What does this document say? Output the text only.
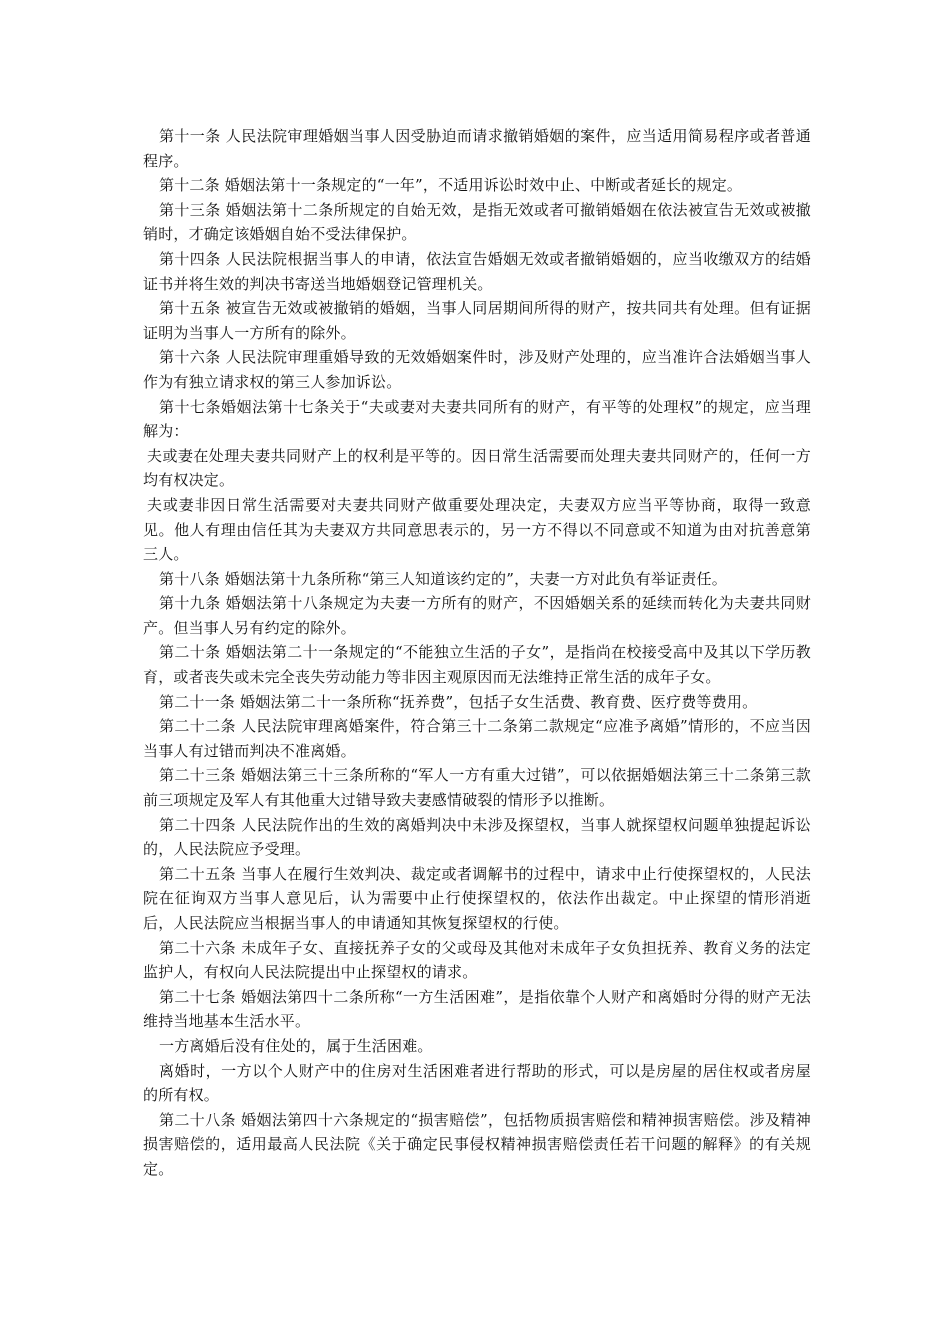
第十一条 人民法院审理婚姻当事人因受胁迫而请求撤销婚姻的案件，应当适用简易程序或者普通程序。

第十二条 婚姻法第十一条规定的“一年”，不适用诉讼时效中止、中断或者延长的规定。

第十三条 婚姻法第十二条所规定的自始无效，是指无效或者可撤销婚姻在依法被宣告无效或被撤销时，才确定该婚姻自始不受法律保护。

第十四条 人民法院根据当事人的申请，依法宣告婚姻无效或者撤销婚姻的，应当收缴双方的结婚证书并将生效的判决书寄送当地婚姻登记管理机关。

第十五条 被宣告无效或被撤销的婚姻，当事人同居期间所得的财产，按共同共有处理。但有证据证明为当事人一方所有的除外。

第十六条 人民法院审理重婚导致的无效婚姻案件时，涉及财产处理的，应当准许合法婚姻当事人作为有独立请求权的第三人参加诉讼。

第十七条婚姻法第十七条关于“夫或妻对夫妻共同所有的财产，有平等的处理权”的规定，应当理解为：

夫或妻在处理夫妻共同财产上的权利是平等的。因日常生活需要而处理夫妻共同财产的，任何一方均有权决定。

夫或妻非因日常生活需要对夫妻共同财产做重要处理决定，夫妻双方应当平等协商，取得一致意见。他人有理由信任其为夫妻双方共同意思表示的，另一方不得以不同意或不知道为由对抗善意第三人。

第十八条 婚姻法第十九条所称“第三人知道该约定的”，夫妻一方对此负有举证责任。

第十九条 婚姻法第十八条规定为夫妻一方所有的财产，不因婚姻关系的延续而转化为夫妻共同财产。但当事人另有约定的除外。

第二十条 婚姻法第二十一条规定的“不能独立生活的子女”，是指尚在校接受高中及其以下学历教育，或者丧失或未完全丧失劳动能力等非因主观原因而无法维持正常生活的成年子女。

第二十一条 婚姻法第二十一条所称“抚养费”，包括子女生活费、教育费、医疗费等费用。

第二十二条 人民法院审理离婚案件，符合第三十二条第二款规定“应准予离婚”情形的，不应当因当事人有过错而判决不准离婚。

第二十三条 婚姻法第三十三条所称的“军人一方有重大过错”，可以依据婚姻法第三十二条第三款前三项规定及军人有其他重大过错导致夫妻感情破裂的情形予以推断。

第二十四条 人民法院作出的生效的离婚判决中未涉及探望权，当事人就探望权问题单独提起诉讼的，人民法院应予受理。

第二十五条 当事人在履行生效判决、裁定或者调解书的过程中，请求中止行使探望权的，人民法院在征询双方当事人意见后，认为需要中止行使探望权的，依法作出裁定。中止探望的情形消逝后，人民法院应当根据当事人的申请通知其恢复探望权的行使。

第二十六条 未成年子女、直接抚养子女的父或母及其他对未成年子女负担抚养、教育义务的法定监护人，有权向人民法院提出中止探望权的请求。

第二十七条 婚姻法第四十二条所称“一方生活困难”，是指依靠个人财产和离婚时分得的财产无法维持当地基本生活水平。

一方离婚后没有住处的，属于生活困难。

离婚时，一方以个人财产中的住房对生活困难者进行帮助的形式，可以是房屋的居住权或者房屋的所有权。

第二十八条 婚姻法第四十六条规定的“损害赔偿”，包括物质损害赔偿和精神损害赔偿。涉及精神损害赔偿的，适用最高人民法院《关于确定民事侵权精神损害赔偿责任若干问题的解释》的有关规定。
